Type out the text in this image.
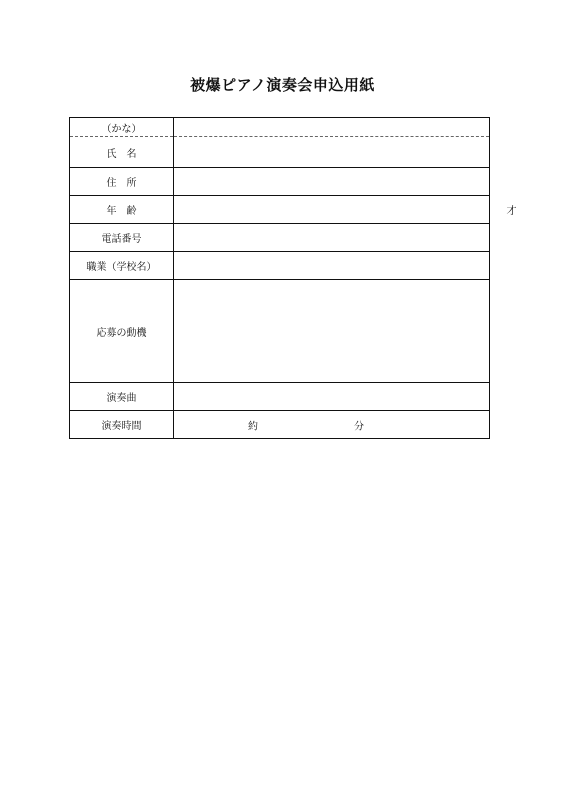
被爆ピアノ演奏会申込用紙
（かな）	
氏　名	
住　所	
年　齢	才
電話番号	
職業（学校名）	
応募の動機	
演奏曲	
演奏時間	約 分
